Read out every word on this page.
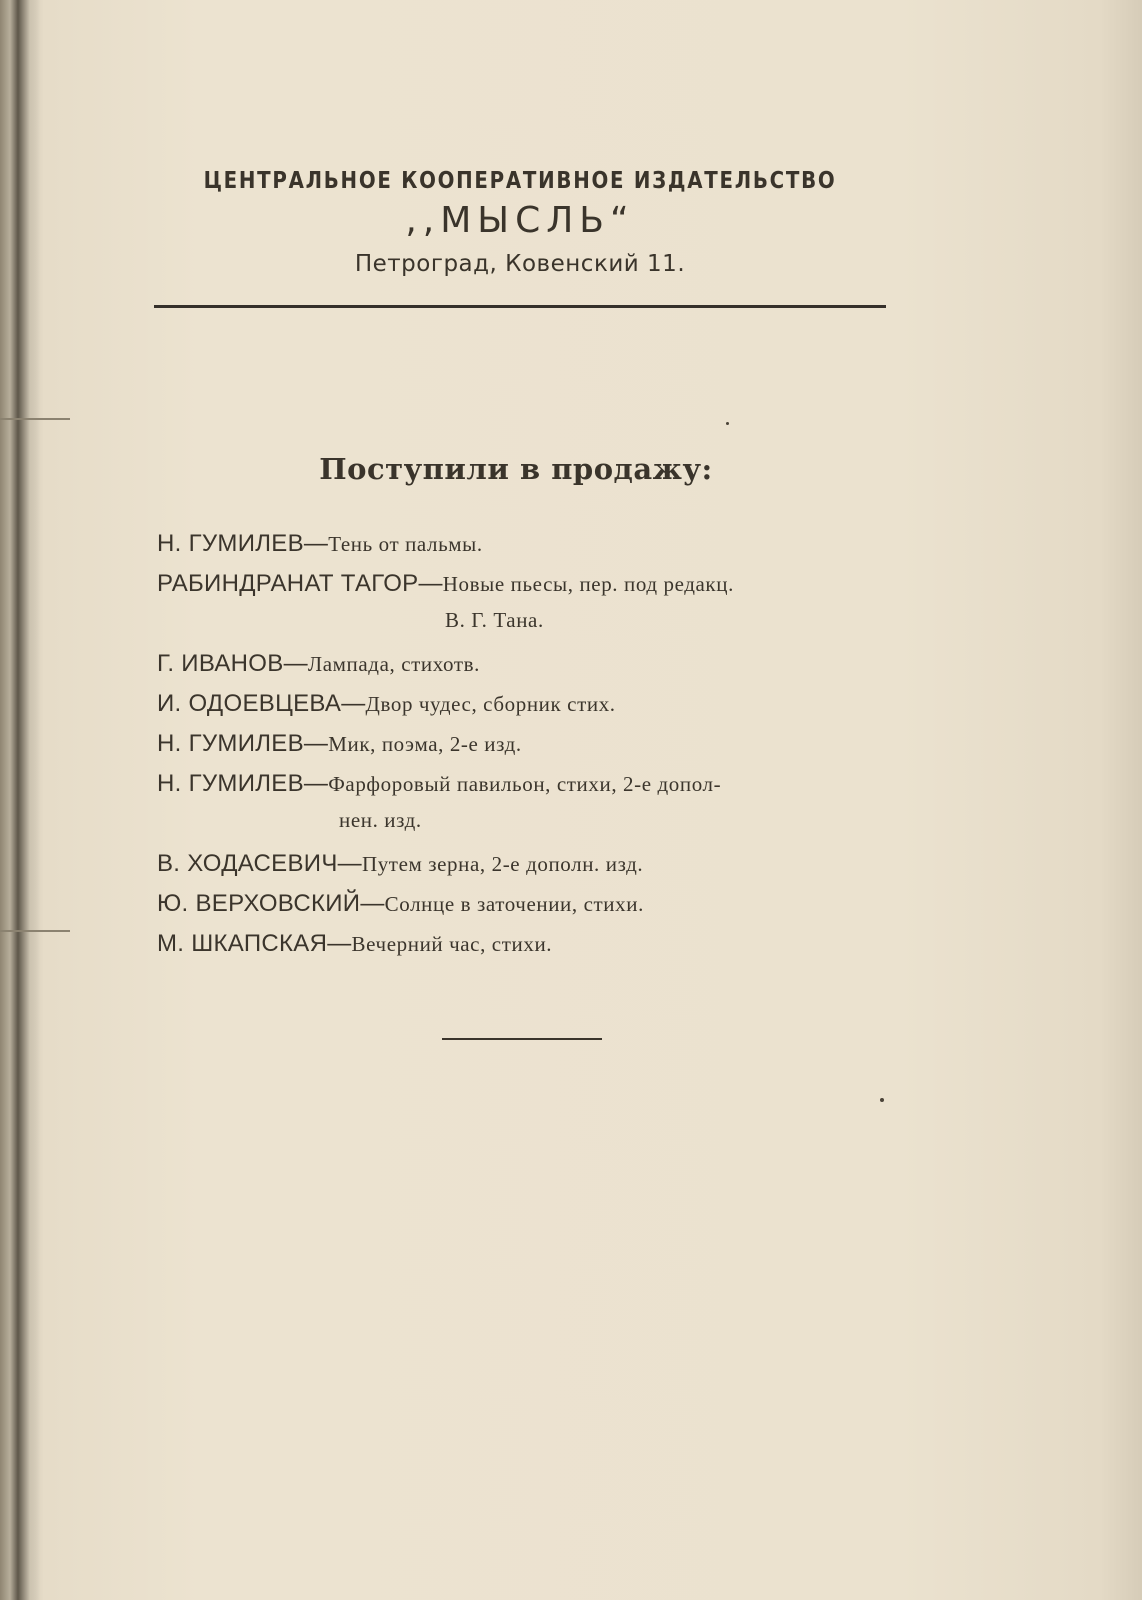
ЦЕНТРАЛЬНОЕ КООПЕРАТИВНОЕ ИЗДАТЕЛЬСТВО
,,МЫСЛЬ“
Петроград, Ковенский 11.
Поступили в продажу:
Н. ГУМИЛЕВ—Тень от пальмы.
РАБИНДРАНАТ ТАГОР—Новые пьесы, пер. под редакц.
В. Г. Тана.
Г. ИВАНОВ—Лампада, стихотв.
И. ОДОЕВЦЕВА—Двор чудес, сборник стих.
Н. ГУМИЛЕВ—Мик, поэма, 2-е изд.
Н. ГУМИЛЕВ—Фарфоровый павильон, стихи, 2-е допол-
нен. изд.
В. ХОДАСЕВИЧ—Путем зерна, 2-е дополн. изд.
Ю. ВЕРХОВСКИЙ—Солнце в заточении, стихи.
М. ШКАПСКАЯ—Вечерний час, стихи.
